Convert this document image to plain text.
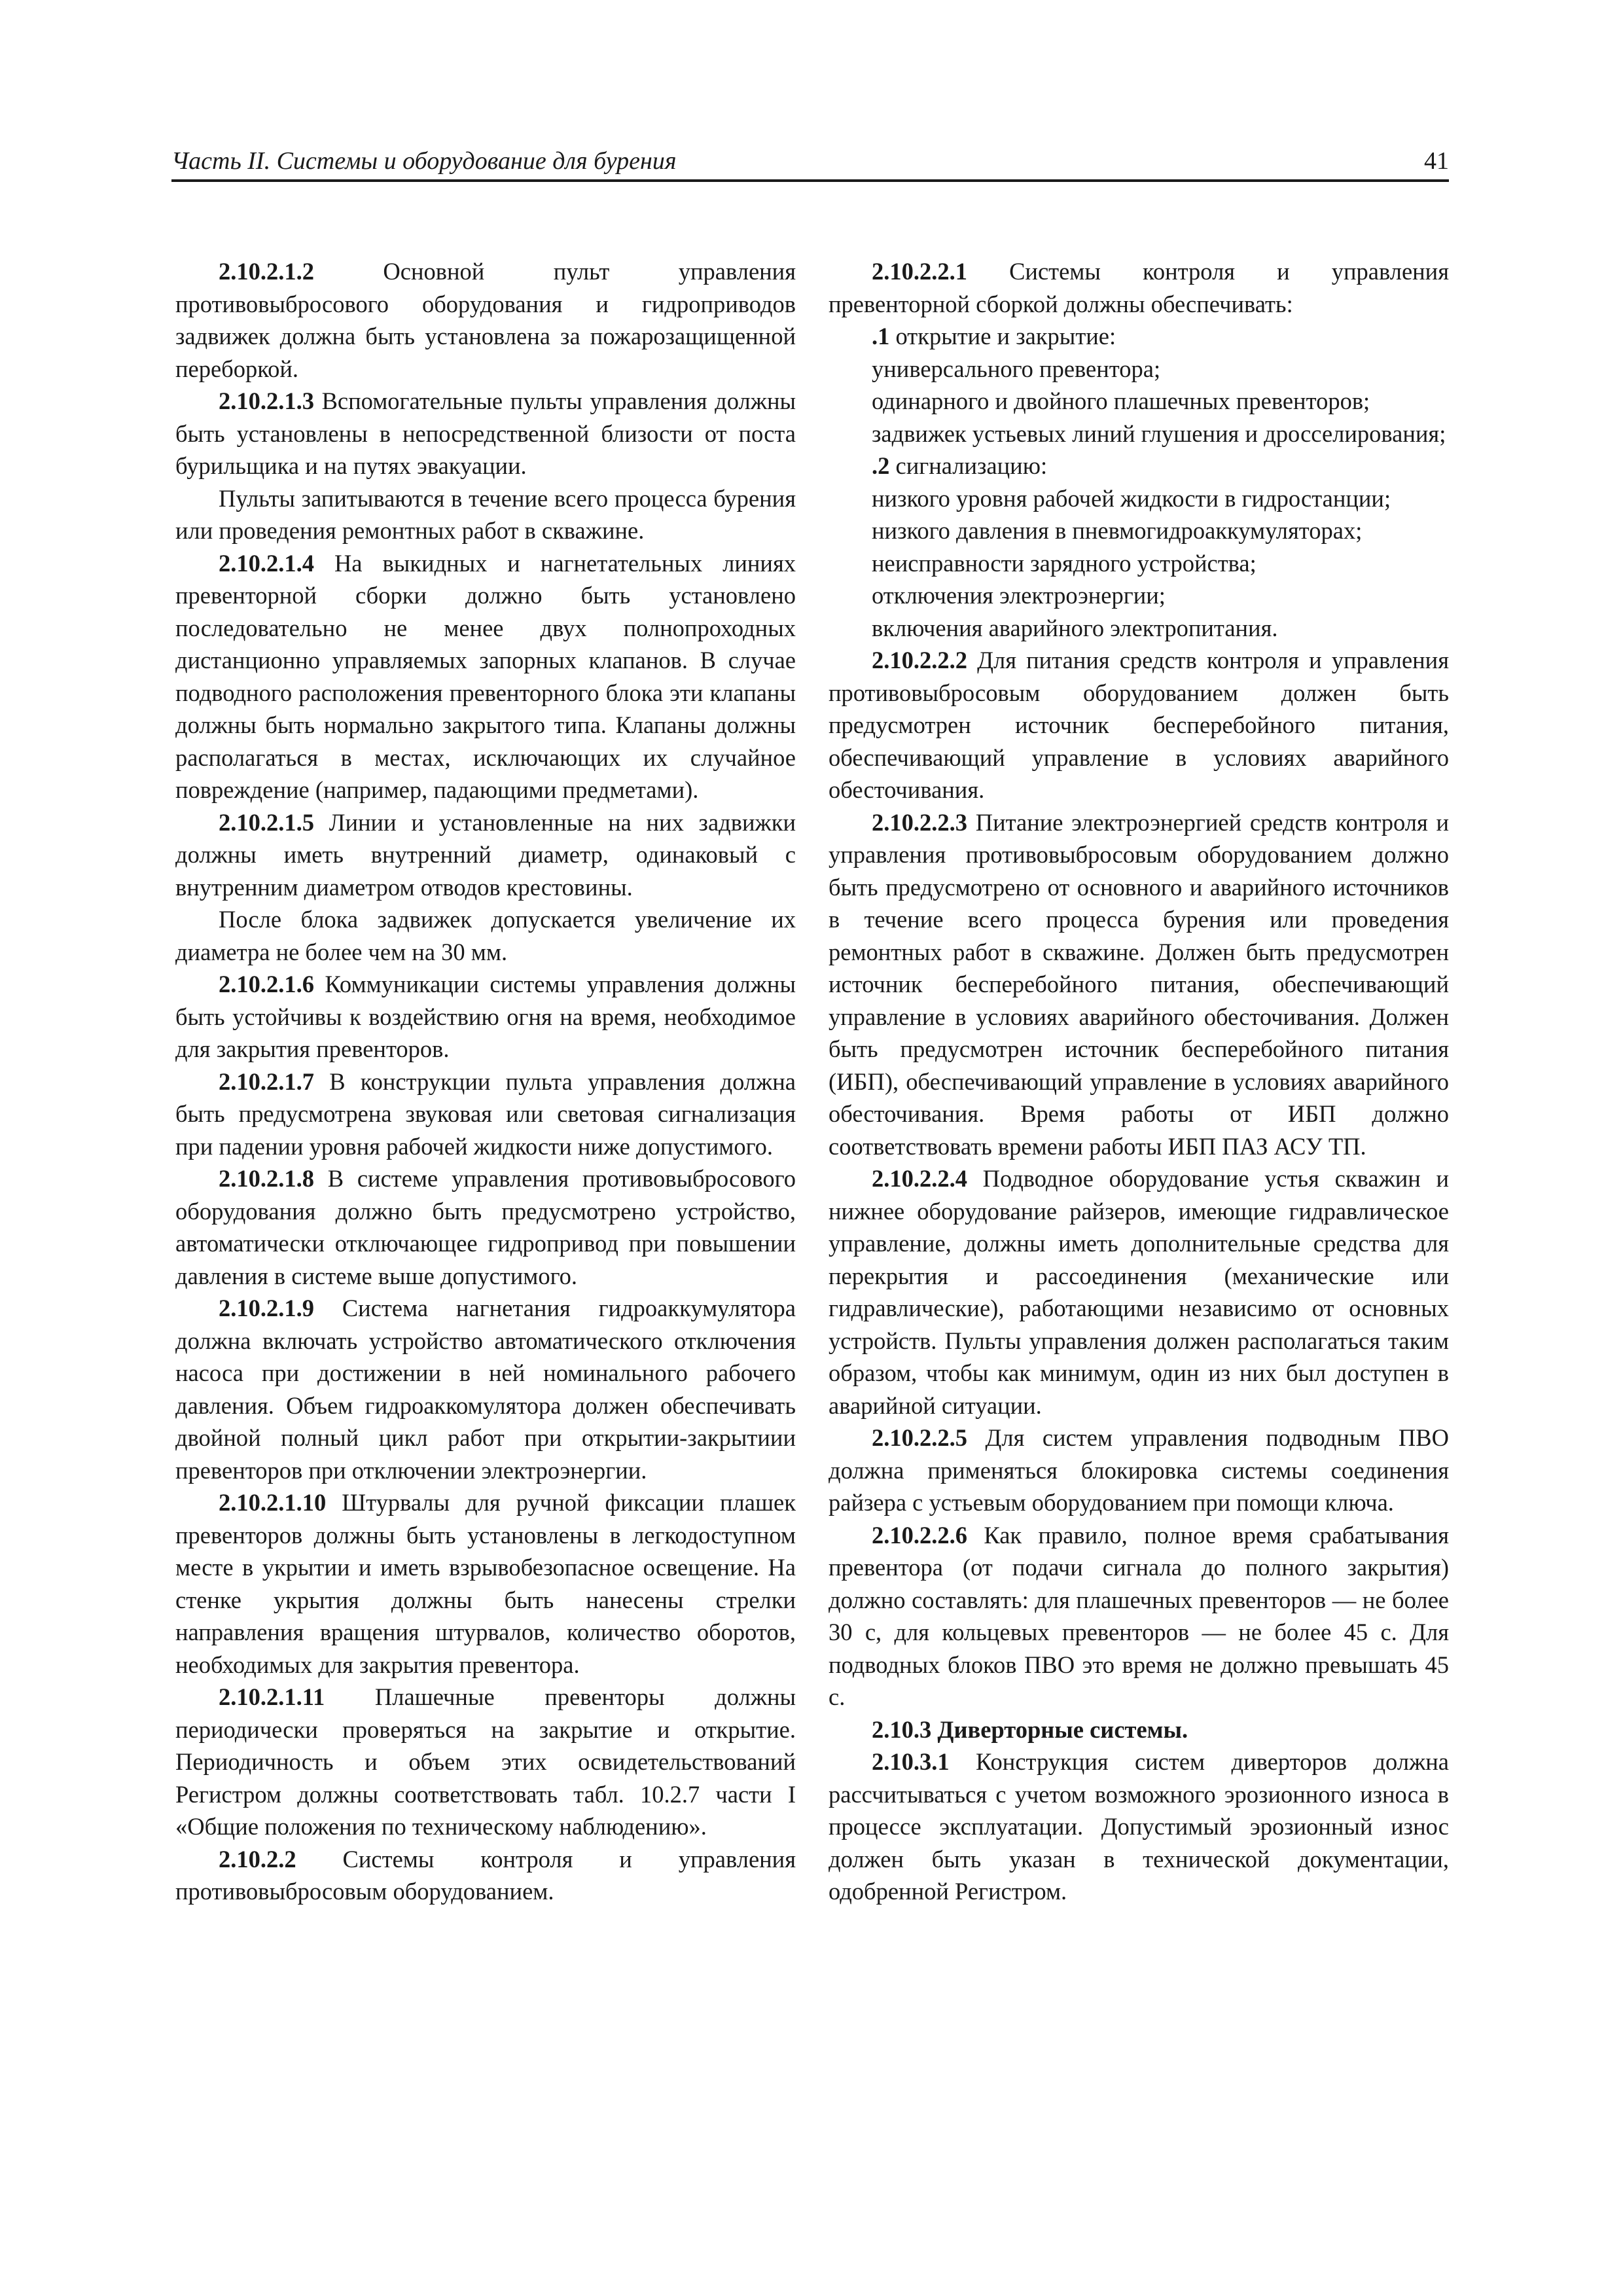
Часть II. Системы и оборудование для бурения	41

2.10.2.1.2	Основной пульт управления противовыбросового оборудования и гидроприводов задвижек должна быть установлена за пожарозащищенной переборкой.

2.10.2.1.3 Вспомогательные пульты управления должны быть установлены в непосредственной близости от поста бурильщика и на путях эвакуации.

Пульты запитываются в течение всего процесса бурения или проведения ремонтных работ в скважине.

2.10.2.1.4 На выкидных и нагнетательных линиях превенторной сборки должно быть установлено последовательно не менее двух полнопроходных дистанционно управляемых запорных клапанов. В случае подводного расположения превенторного блока эти клапаны должны быть нормально закрытого типа. Клапаны должны располагаться в местах, исключающих их случайное повреждение (например, падающими предметами).

2.10.2.1.5 Линии и установленные на них задвижки должны иметь внутренний диаметр, одинаковый с внутренним диаметром отводов крестовины.

После блока задвижек допускается увеличение их диаметра не более чем на 30 мм.

2.10.2.1.6 Коммуникации системы управления должны быть устойчивы к воздействию огня на время, необходимое для закрытия превенторов.

2.10.2.1.7 В конструкции пульта управления должна быть предусмотрена звуковая или световая сигнализация при падении уровня рабочей жидкости ниже допустимого.

2.10.2.1.8 В системе управления противовыбросового оборудования должно быть предусмотрено устройство, автоматически отключающее гидропривод при повышении давления в системе выше допустимого.

2.10.2.1.9 Система нагнетания гидроаккумулятора должна включать устройство автоматического отключения насоса при достижении в ней номинального рабочего давления. Объем гидроаккомулятора должен обеспечивать двойной полный цикл работ при открытии-закрытиии превенторов при отключении электроэнергии.

2.10.2.1.10 Штурвалы для ручной фиксации плашек превенторов должны быть установлены в легкодоступном месте в укрытии и иметь взрывобезопасное освещение. На стенке укрытия должны быть нанесены стрелки направления вращения штурвалов, количество оборотов, необходимых для закрытия превентора.

2.10.2.1.11 Плашечные превенторы должны периодически проверяться на закрытие и открытие. Периодичность и объем этих освидетельствований Регистром должны соответствовать табл. 10.2.7 части I «Общие положения по техническому наблюдению».

2.10.2.2 Системы контроля и управления противовыбросовым оборудованием.

2.10.2.2.1 Системы контроля и управления превенторной сборкой должны обеспечивать:

.1 открытие и закрытие:

универсального превентора;

одинарного и двойного плашечных превенторов;

задвижек устьевых линий глушения и дросселирования;

.2 сигнализацию:

низкого уровня рабочей жидкости в гидростанции;

низкого давления в пневмогидроаккумуляторах;

неисправности зарядного устройства;

отключения электроэнергии;

включения аварийного электропитания.

2.10.2.2.2 Для питания средств контроля и управления противовыбросовым оборудованием должен быть предусмотрен источник бесперебойного питания, обеспечивающий управление в условиях аварийного обесточивания.

2.10.2.2.3 Питание электроэнергией средств контроля и управления противовыбросовым оборудованием должно быть предусмотрено от основного и аварийного источников в течение всего процесса бурения или проведения ремонтных работ в скважине. Должен быть предусмотрен источник бесперебойного питания, обеспечивающий управление в условиях аварийного обесточивания. Должен быть предусмотрен источник бесперебойного питания (ИБП), обеспечивающий управление в условиях аварийного обесточивания. Время работы от ИБП должно соответствовать времени работы ИБП ПАЗ АСУ ТП.

2.10.2.2.4 Подводное оборудование устья скважин и нижнее оборудование райзеров, имеющие гидравлическое управление, должны иметь дополнительные средства для перекрытия и рассоединения (механические или гидравлические), работающими независимо от основных устройств. Пульты управления должен располагаться таким образом, чтобы как минимум, один из них был доступен в аварийной ситуации.

2.10.2.2.5 Для систем управления подводным ПВО должна применяться блокировка системы соединения райзера с устьевым оборудованием при помощи ключа.

2.10.2.2.6 Как правило, полное время срабатывания превентора (от подачи сигнала до полного закрытия) должно составлять: для плашечных превенторов — не более 30 с, для кольцевых превенторов — не более 45 с. Для подводных блоков ПВО это время не должно превышать 45 с.

2.10.3 Диверторные системы.

2.10.3.1 Конструкция систем диверторов должна рассчитываться с учетом возможного эрозионного износа в процессе эксплуатации. Допустимый эрозионный износ должен быть указан в технической документации, одобренной Регистром.
